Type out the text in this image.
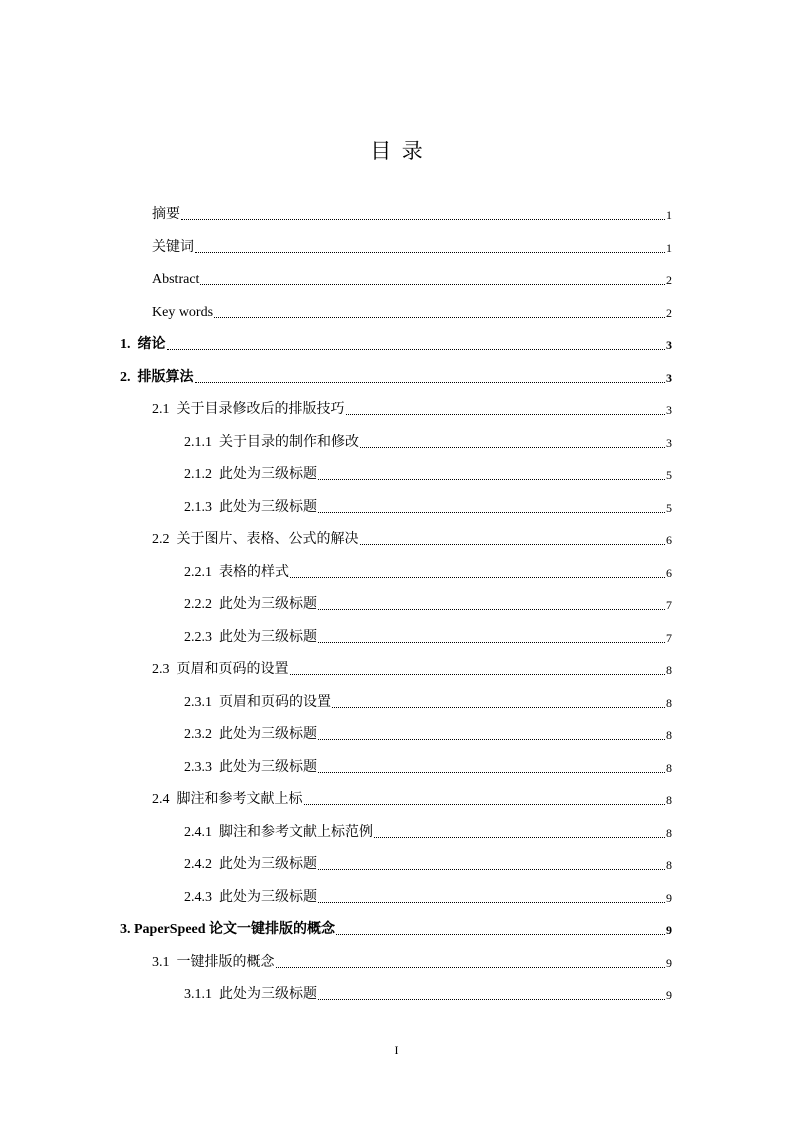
目  录
摘要	1
关键词	1
Abstract	2
Key words	2
1.  绪论	3
2.  排版算法	3
2.1  关于目录修改后的排版技巧	3
2.1.1  关于目录的制作和修改	3
2.1.2  此处为三级标题	5
2.1.3  此处为三级标题	5
2.2  关于图片、表格、公式的解决	6
2.2.1  表格的样式	6
2.2.2  此处为三级标题	7
2.2.3  此处为三级标题	7
2.3  页眉和页码的设置	8
2.3.1  页眉和页码的设置	8
2.3.2  此处为三级标题	8
2.3.3  此处为三级标题	8
2.4  脚注和参考文献上标	8
2.4.1  脚注和参考文献上标范例	8
2.4.2  此处为三级标题	8
2.4.3  此处为三级标题	9
3. PaperSpeed 论文一键排版的概念	9
3.1  一键排版的概念	9
3.1.1  此处为三级标题	9
I
